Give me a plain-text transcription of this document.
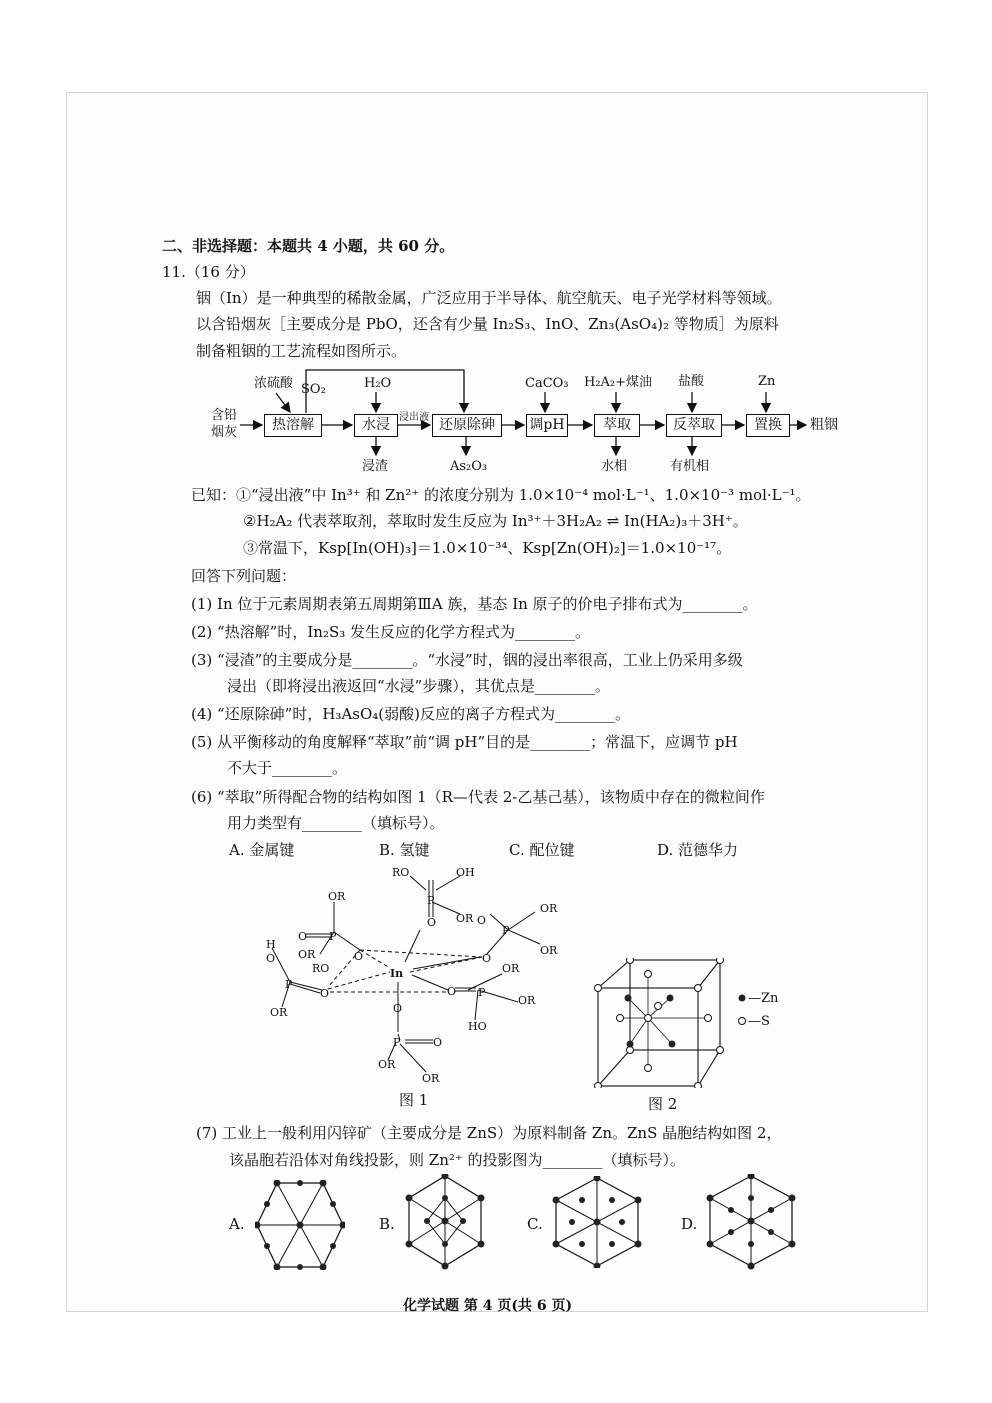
二、非选择题：本题共 4 小题，共 60 分。
11.（16 分）
铟（In）是一种典型的稀散金属，广泛应用于半导体、航空航天、电子光学材料等领域。
以含铅烟灰［主要成分是 PbO，还含有少量 In₂S₃、InO、Zn₃(AsO₄)₂ 等物质］为原料
制备粗铟的工艺流程如图所示。
含铅
烟灰	热溶解	水浸	还原除砷	调pH	萃取	反萃取	置换	粗铟
浓硫酸 SO₂	H₂O
浸出液
CaCO₃ H₂A₂+煤油 盐酸	Zn
浸渣	As₂O₃	水相	有机相
已知：①“浸出液”中 In³⁺ 和 Zn²⁺ 的浓度分别为 1.0×10⁻⁴ mol·L⁻¹、1.0×10⁻³ mol·L⁻¹。
②H₂A₂ 代表萃取剂，萃取时发生反应为 In³⁺＋3H₂A₂ ⇌ In(HA₂)₃＋3H⁺。
③常温下，Ksp[In(OH)₃]＝1.0×10⁻³⁴、Ksp[Zn(OH)₂]＝1.0×10⁻¹⁷。
回答下列问题：
(1) In 位于元素周期表第五周期第ⅢA 族，基态 In 原子的价电子排布式为________。
(2) “热溶解”时，In₂S₃ 发生反应的化学方程式为________。
(3) “浸渣”的主要成分是________。“水浸”时，铟的浸出率很高，工业上仍采用多级
浸出（即将浸出液返回“水浸”步骤），其优点是________。
(4) “还原除砷”时，H₃AsO₄(弱酸)反应的离子方程式为________。
(5) 从平衡移动的角度解释“萃取”前“调 pH”目的是________；常温下，应调节 pH
不大于________。
(6) “萃取”所得配合物的结构如图 1（R—代表 2-乙基己基），该物质中存在的微粒间作
用力类型有________（填标号）。
A. 金属键	B. 氢键	C. 配位键	D. 范德华力
RO	OH
P
O OR
OR
P
O
O
OR
RO
H
O
P
O
OR
In
O
P
OR
OR
O
O P
OR
OR
HO
O
P	O
OR
OR
图 1
—Zn
—S
图 2
(7) 工业上一般利用闪锌矿（主要成分是 ZnS）为原料制备 Zn。ZnS 晶胞结构如图 2，
该晶胞若沿体对角线投影，则 Zn²⁺ 的投影图为________（填标号）。
A.	B.	C.	D.
化学试题 第 4 页(共 6 页)
